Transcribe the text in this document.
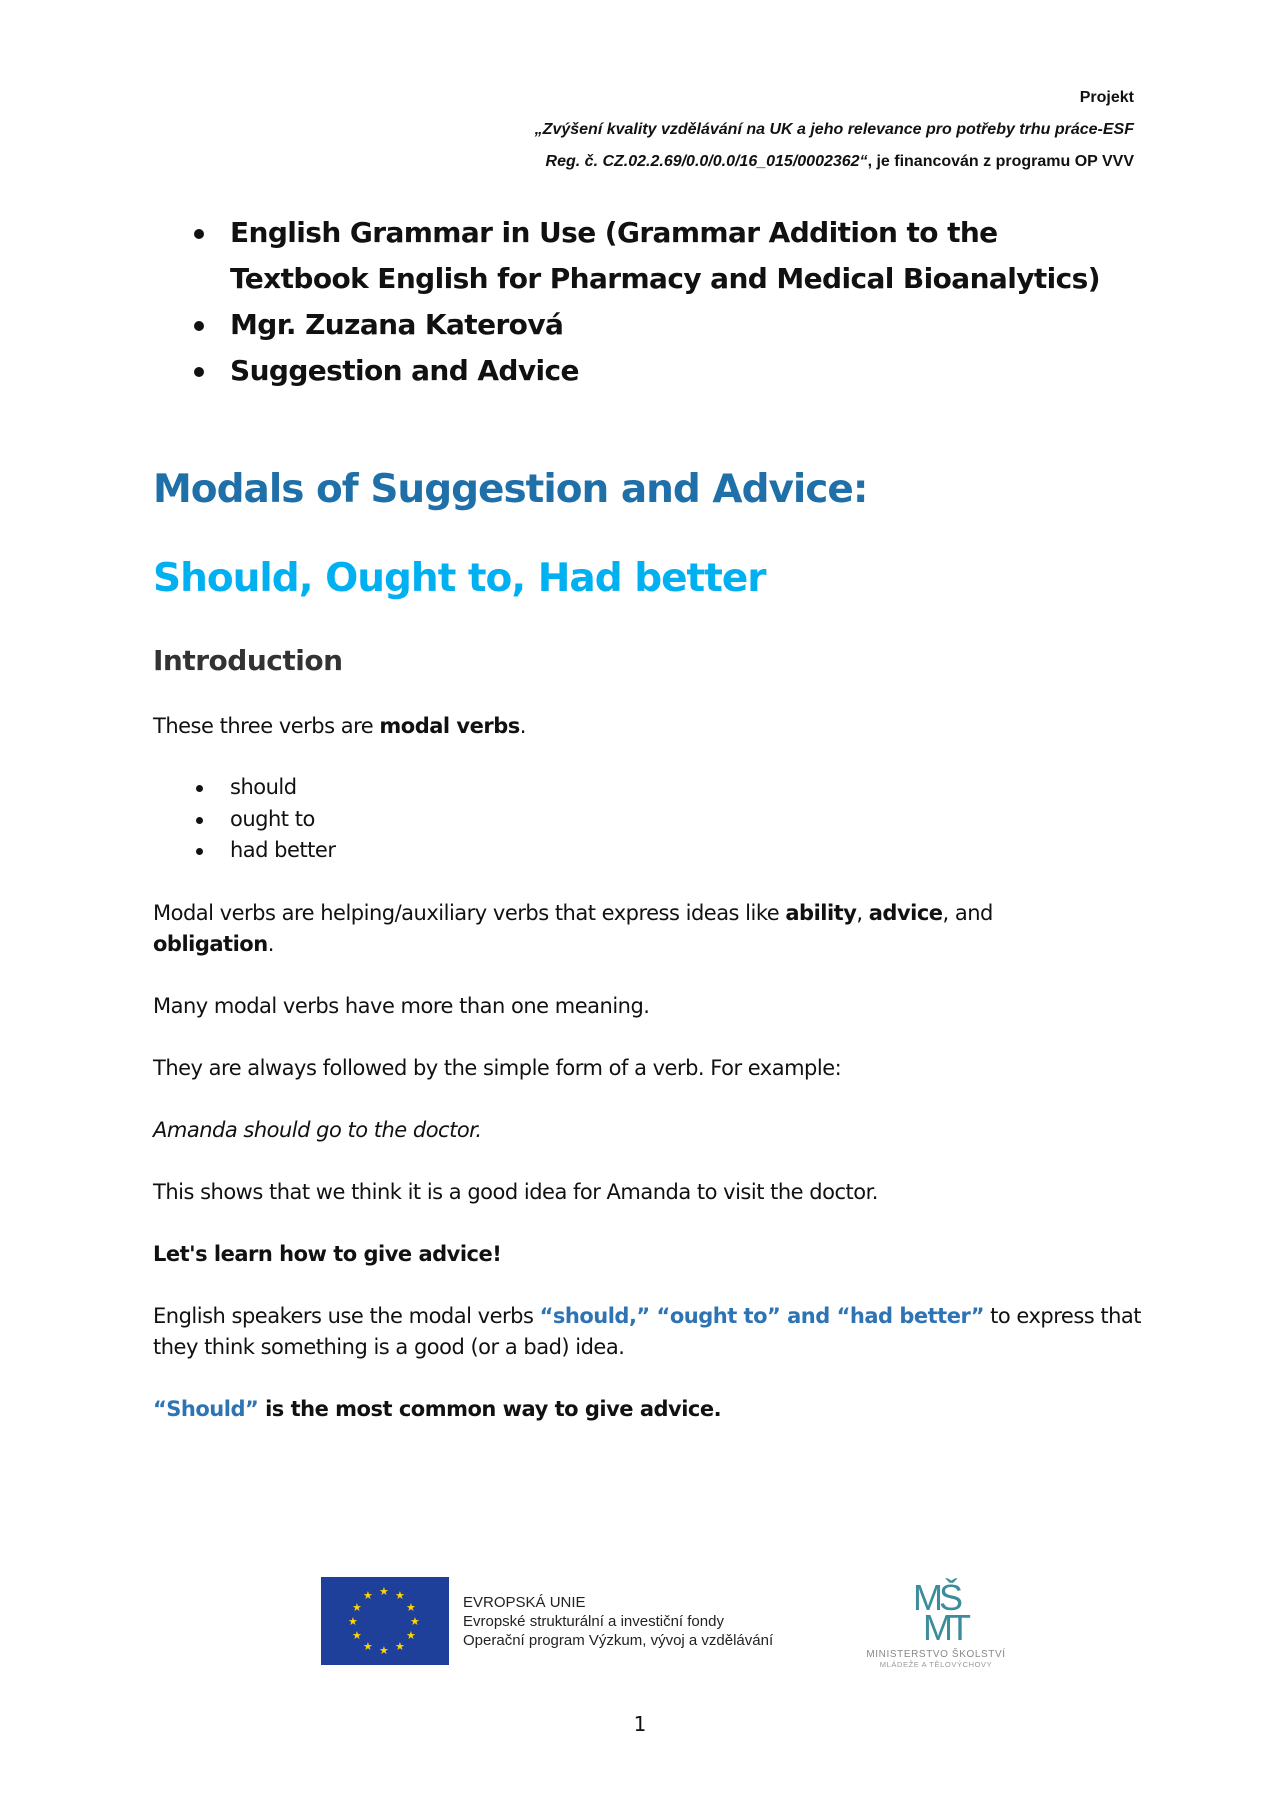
Projekt
„Zvýšení kvality vzdělávání na UK a jeho relevance pro potřeby trhu práce-ESF
Reg. č. CZ.02.2.69/0.0/0.0/16_015/0002362“, je financován z programu OP VVV
English Grammar in Use (Grammar Addition to the Textbook English for Pharmacy and Medical Bioanalytics)
Mgr. Zuzana Katerová
Suggestion and Advice
Modals of Suggestion and Advice:
Should, Ought to, Had better
Introduction

These three verbs are modal verbs.

should
ought to
had better

Modal verbs are helping/auxiliary verbs that express ideas like ability, advice, and obligation.

Many modal verbs have more than one meaning.

They are always followed by the simple form of a verb. For example:

Amanda should go to the doctor.

This shows that we think it is a good idea for Amanda to visit the doctor.

Let's learn how to give advice!

English speakers use the modal verbs “should,” “ought to” and “had better” to express that they think something is a good (or a bad) idea.

“Should” is the most common way to give advice.

★ ★
★
★
★
★
★
★
★
★
★
★	EVROPSKÁ UNIE
Evropské strukturální a investiční fondy
Operační program Výzkum, vývoj a vzdělávání
MŠ
MT
MINISTERSTVO ŠKOLSTVÍ
MLÁDEŽE A TĚLOVÝCHOVY
1
